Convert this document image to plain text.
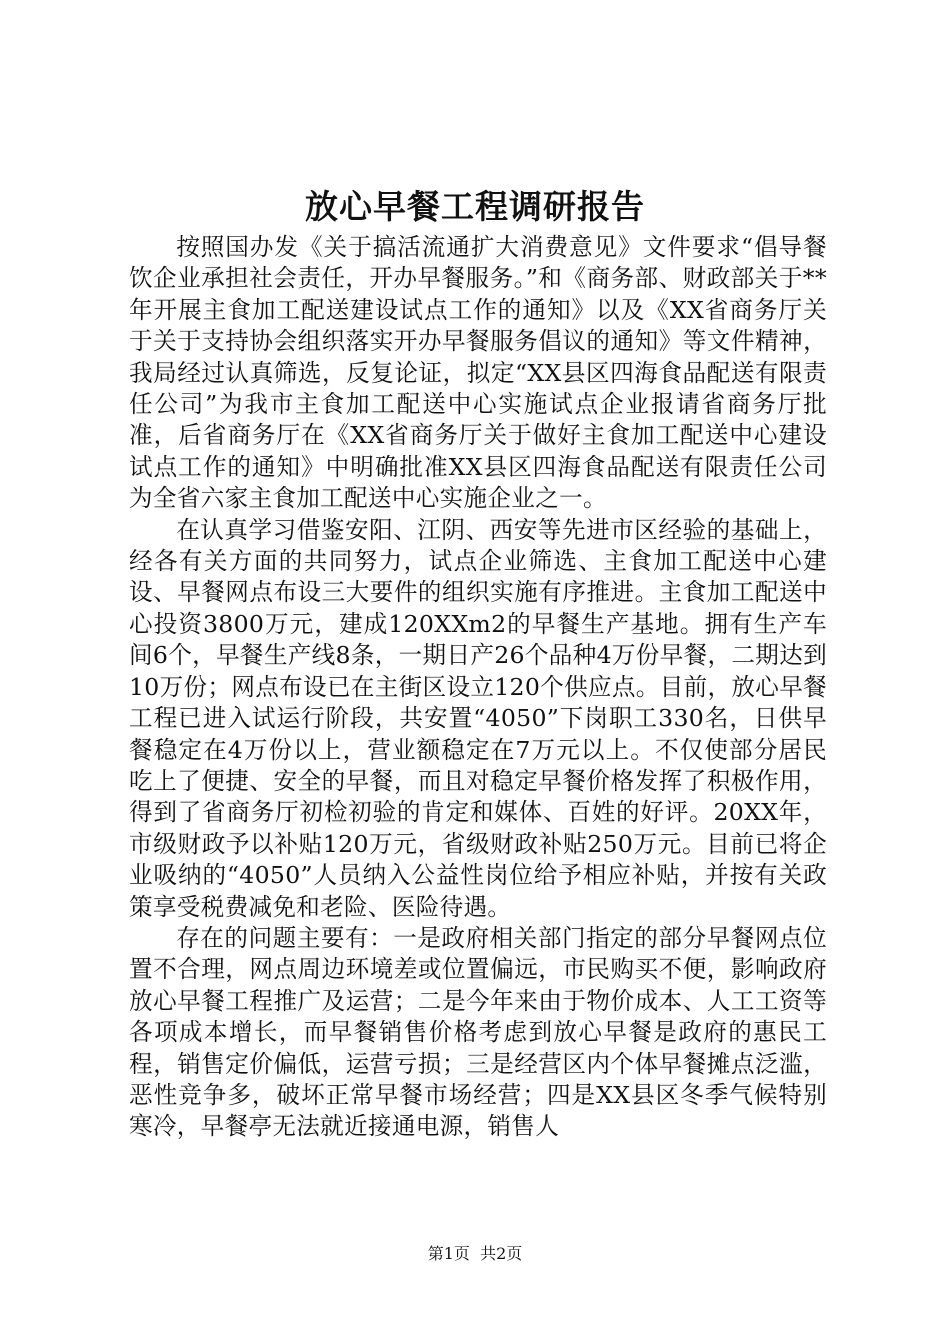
放心早餐工程调研报告

按照国办发《关于搞活流通扩大消费意见》文件要求“倡导餐饮企业承担社会责任，开办早餐服务。”和《商务部、财政部关于**年开展主食加工配送建设试点工作的通知》以及《XX省商务厅关于关于支持协会组织落实开办早餐服务倡议的通知》等文件精神，我局经过认真筛选，反复论证，拟定“XX县区四海食品配送有限责任公司”为我市主食加工配送中心实施试点企业报请省商务厅批准，后省商务厅在《XX省商务厅关于做好主食加工配送中心建设试点工作的通知》中明确批准XX县区四海食品配送有限责任公司为全省六家主食加工配送中心实施企业之一。

在认真学习借鉴安阳、江阴、西安等先进市区经验的基础上，经各有关方面的共同努力，试点企业筛选、主食加工配送中心建设、早餐网点布设三大要件的组织实施有序推进。主食加工配送中心投资3800万元，建成120XXm2的早餐生产基地。拥有生产车间6个，早餐生产线8条，一期日产26个品种4万份早餐，二期达到10万份；网点布设已在主街区设立120个供应点。目前，放心早餐工程已进入试运行阶段，共安置“4050”下岗职工330名，日供早餐稳定在4万份以上，营业额稳定在7万元以上。不仅使部分居民吃上了便捷、安全的早餐，而且对稳定早餐价格发挥了积极作用，得到了省商务厅初检初验的肯定和媒体、百姓的好评。20XX年，市级财政予以补贴120万元，省级财政补贴250万元。目前已将企业吸纳的“4050”人员纳入公益性岗位给予相应补贴，并按有关政策享受税费减免和老险、医险待遇。

存在的问题主要有：一是政府相关部门指定的部分早餐网点位置不合理，网点周边环境差或位置偏远，市民购买不便，影响政府放心早餐工程推广及运营；二是今年来由于物价成本、人工工资等各项成本增长，而早餐销售价格考虑到放心早餐是政府的惠民工程，销售定价偏低，运营亏损；三是经营区内个体早餐摊点泛滥，恶性竞争多，破坏正常早餐市场经营；四是XX县区冬季气候特别寒冷，早餐亭无法就近接通电源，销售人

第1页  共2页
